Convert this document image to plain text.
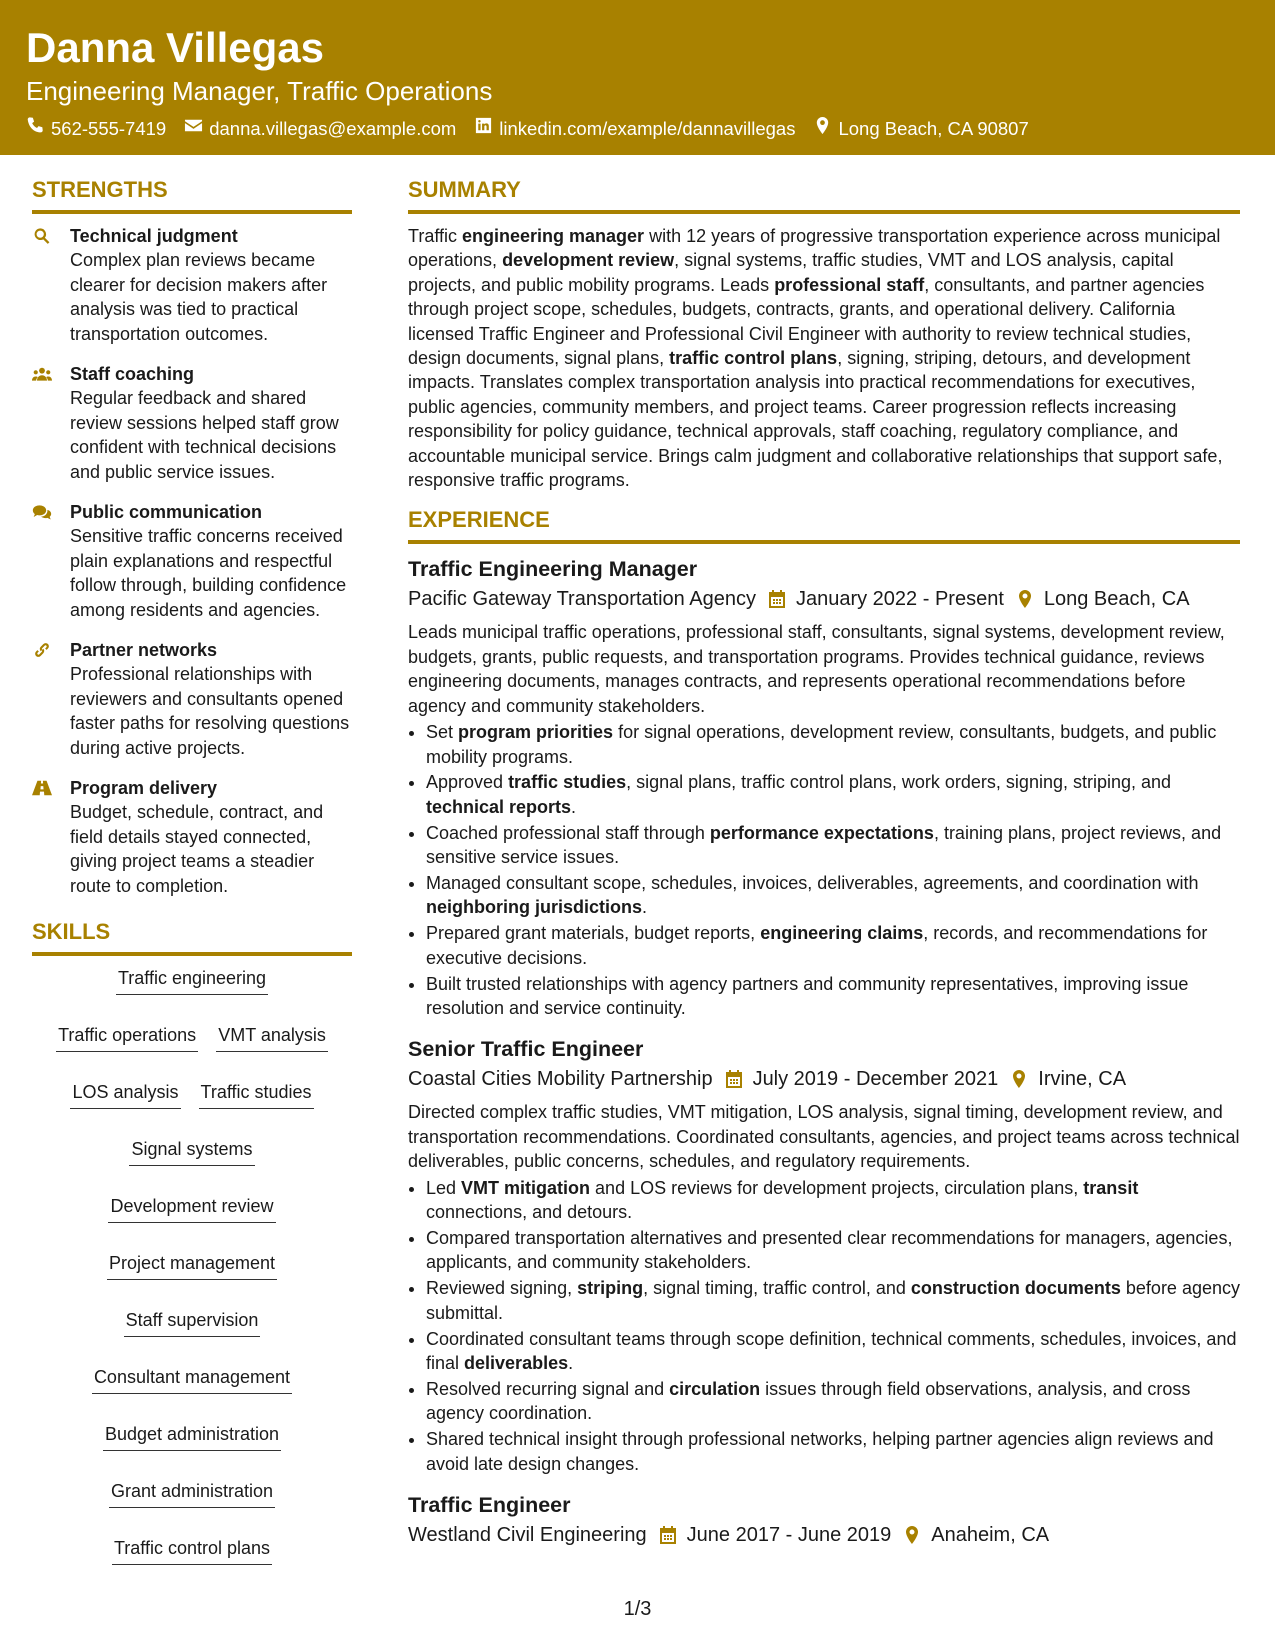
Danna Villegas
Engineering Manager, Traffic Operations
562-555-7419 danna.villegas@example.com linkedin.com/example/dannavillegas Long Beach, CA 90807
STRENGTHS
Technical judgment
Complex plan reviews became clearer for decision makers after analysis was tied to practical transportation outcomes.
Staff coaching
Regular feedback and shared review sessions helped staff grow confident with technical decisions and public service issues.
Public communication
Sensitive traffic concerns received plain explanations and respectful follow through, building confidence among residents and agencies.
Partner networks
Professional relationships with reviewers and consultants opened faster paths for resolving questions during active projects.
Program delivery
Budget, schedule, contract, and field details stayed connected, giving project teams a steadier route to completion.
SKILLS
Traffic engineering
Traffic operations VMT analysis
LOS analysis Traffic studies
Signal systems
Development review
Project management
Staff supervision
Consultant management
Budget administration
Grant administration
Traffic control plans
SUMMARY
Traffic engineering manager with 12 years of progressive transportation experience across municipal operations, development review, signal systems, traffic studies, VMT and LOS analysis, capital projects, and public mobility programs. Leads professional staff, consultants, and partner agencies through project scope, schedules, budgets, contracts, grants, and operational delivery. California licensed Traffic Engineer and Professional Civil Engineer with authority to review technical studies, design documents, signal plans, traffic control plans, signing, striping, detours, and development impacts. Translates complex transportation analysis into practical recommendations for executives, public agencies, community members, and project teams. Career progression reflects increasing responsibility for policy guidance, technical approvals, staff coaching, regulatory compliance, and accountable municipal service. Brings calm judgment and collaborative relationships that support safe, responsive traffic programs.
EXPERIENCE
Traffic Engineering Manager
Pacific Gateway Transportation Agency January 2022 - Present Long Beach, CA
Leads municipal traffic operations, professional staff, consultants, signal systems, development review, budgets, grants, public requests, and transportation programs. Provides technical guidance, reviews engineering documents, manages contracts, and represents operational recommendations before agency and community stakeholders.
• Set program priorities for signal operations, development review, consultants, budgets, and public mobility programs.
• Approved traffic studies, signal plans, traffic control plans, work orders, signing, striping, and technical reports.
• Coached professional staff through performance expectations, training plans, project reviews, and sensitive service issues.
• Managed consultant scope, schedules, invoices, deliverables, agreements, and coordination with neighboring jurisdictions.
• Prepared grant materials, budget reports, engineering claims, records, and recommendations for executive decisions.
• Built trusted relationships with agency partners and community representatives, improving issue resolution and service continuity.
Senior Traffic Engineer
Coastal Cities Mobility Partnership July 2019 - December 2021 Irvine, CA
Directed complex traffic studies, VMT mitigation, LOS analysis, signal timing, development review, and transportation recommendations. Coordinated consultants, agencies, and project teams across technical deliverables, public concerns, schedules, and regulatory requirements.
• Led VMT mitigation and LOS reviews for development projects, circulation plans, transit connections, and detours.
• Compared transportation alternatives and presented clear recommendations for managers, agencies, applicants, and community stakeholders.
• Reviewed signing, striping, signal timing, traffic control, and construction documents before agency submittal.
• Coordinated consultant teams through scope definition, technical comments, schedules, invoices, and final deliverables.
• Resolved recurring signal and circulation issues through field observations, analysis, and cross agency coordination.
• Shared technical insight through professional networks, helping partner agencies align reviews and avoid late design changes.
Traffic Engineer
Westland Civil Engineering June 2017 - June 2019 Anaheim, CA
1/3
